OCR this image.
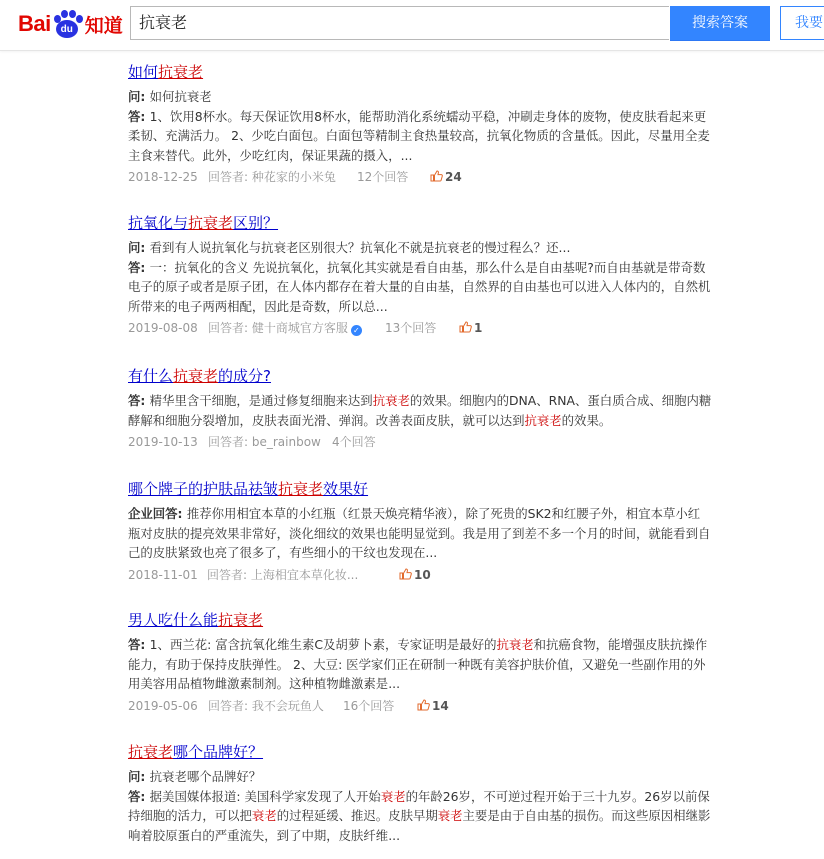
Bai du 知道	抗衰老	搜索答案	我要
如何抗衰老
问: 如何抗衰老
答: 1、饮用8杯水。每天保证饮用8杯水，能帮助消化系统蠕动平稳，冲刷走身体的废物，使皮肤看起来更柔韧、充满活力。 2、少吃白面包。白面包等精制主食热量较高，抗氧化物质的含量低。因此，尽量用全麦主食来替代。此外，少吃红肉，保证果蔬的摄入，...
2018-12-25 回答者: 种花家的小米兔 12个回答	24
抗氧化与抗衰老区别？
问: 看到有人说抗氧化与抗衰老区别很大？抗氧化不就是抗衰老的慢过程么？还...
答: 一：抗氧化的含义 先说抗氧化，抗氧化其实就是看自由基，那么什么是自由基呢?而自由基就是带奇数电子的原子或者是原子团，在人体内都存在着大量的自由基，自然界的自由基也可以进入人体内的，自然机所带来的电子两两相配，因此是奇数，所以总...
2019-08-08 回答者: 健十商城官方客服 ✓ 13个回答	1
有什么抗衰老的成分?
答: 精华里含干细胞，是通过修复细胞来达到抗衰老的效果。细胞内的DNA、RNA、蛋白质合成、细胞内糖酵解和细胞分裂增加，皮肤表面光滑、弹润。改善表面皮肤，就可以达到抗衰老的效果。
2019-10-13 回答者: be_rainbow 4个回答
哪个牌子的护肤品祛皱抗衰老效果好
企业回答: 推荐你用相宜本草的小红瓶（红景天焕亮精华液），除了死贵的SK2和红腰子外，相宜本草小红瓶对皮肤的提亮效果非常好，淡化细纹的效果也能明显觉到。我是用了到差不多一个月的时间，就能看到自己的皮肤紧致也亮了很多了，有些细小的干纹也发现在...
2018-11-01 回答者: 上海相宜本草化妆...	10
男人吃什么能抗衰老
答: 1、西兰花: 富含抗氧化维生素C及胡萝卜素，专家证明是最好的抗衰老和抗癌食物，能增强皮肤抗操作能力，有助于保持皮肤弹性。 2、大豆: 医学家们正在研制一种既有美容护肤价值，又避免一些副作用的外用美容用品植物雌激素制剂。这种植物雌激素是...
2019-05-06 回答者: 我不会玩鱼人 16个回答	14
抗衰老哪个品牌好？
问: 抗衰老哪个品牌好？
答: 据美国媒体报道: 美国科学家发现了人开始衰老的年龄26岁，不可逆过程开始于三十九岁。26岁以前保持细胞的活力，可以把衰老的过程延缓、推迟。皮肤早期衰老主要是由于自由基的损伤。而这些原因相继影响着胶原蛋白的严重流失，到了中期，皮肤纤维...
